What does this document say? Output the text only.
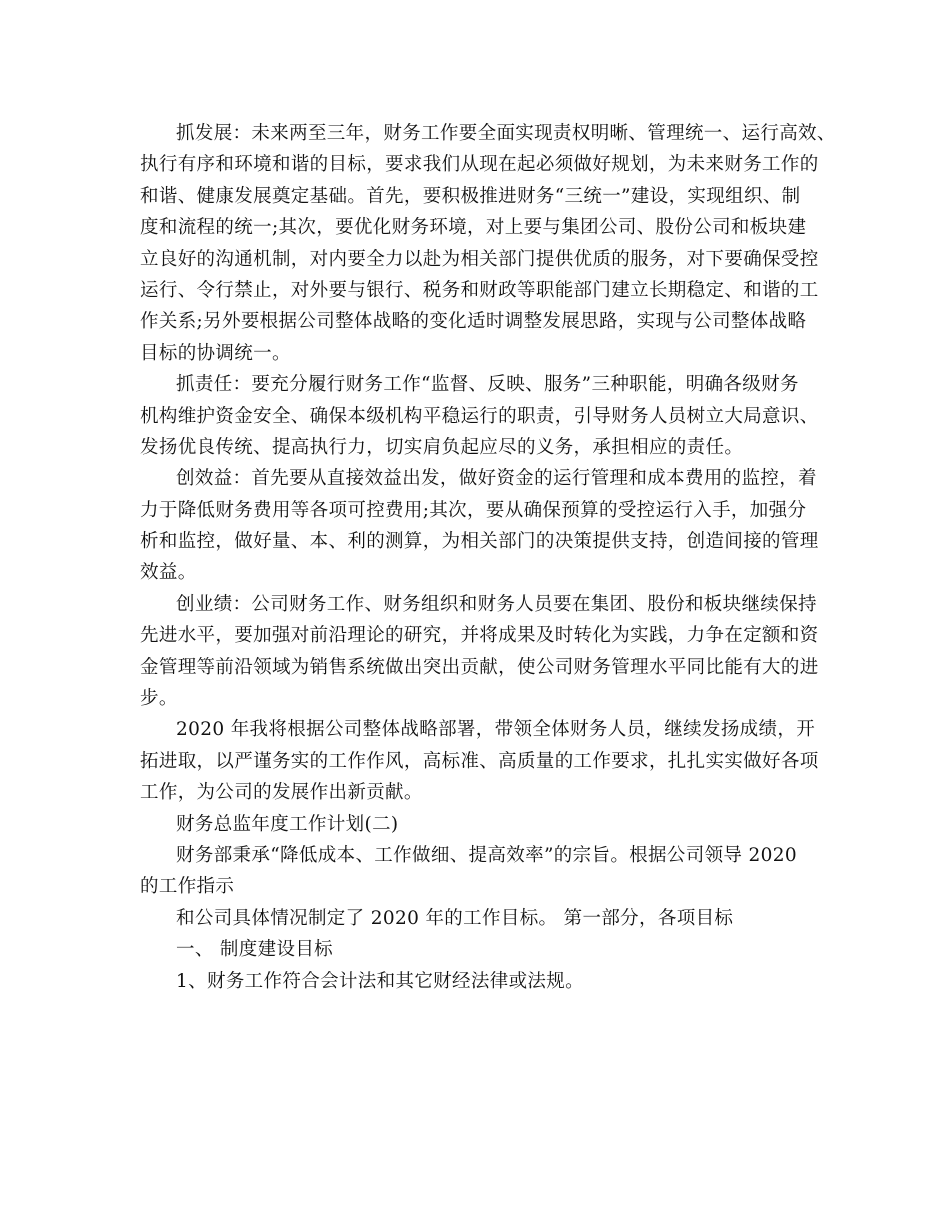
抓发展：未来两至三年，财务工作要全面实现责权明晰、管理统一、运行高效、
执行有序和环境和谐的目标，要求我们从现在起必须做好规划，为未来财务工作的
和谐、健康发展奠定基础。首先，要积极推进财务“三统一”建设，实现组织、制
度和流程的统一;其次，要优化财务环境，对上要与集团公司、股份公司和板块建
立良好的沟通机制，对内要全力以赴为相关部门提供优质的服务，对下要确保受控
运行、令行禁止，对外要与银行、税务和财政等职能部门建立长期稳定、和谐的工
作关系;另外要根据公司整体战略的变化适时调整发展思路，实现与公司整体战略
目标的协调统一。
抓责任：要充分履行财务工作“监督、反映、服务”三种职能，明确各级财务
机构维护资金安全、确保本级机构平稳运行的职责，引导财务人员树立大局意识、
发扬优良传统、提高执行力，切实肩负起应尽的义务，承担相应的责任。
创效益：首先要从直接效益出发，做好资金的运行管理和成本费用的监控，着
力于降低财务费用等各项可控费用;其次，要从确保预算的受控运行入手，加强分
析和监控，做好量、本、利的测算，为相关部门的决策提供支持，创造间接的管理
效益。
创业绩：公司财务工作、财务组织和财务人员要在集团、股份和板块继续保持
先进水平，要加强对前沿理论的研究，并将成果及时转化为实践，力争在定额和资
金管理等前沿领域为销售系统做出突出贡献，使公司财务管理水平同比能有大的进
步。
2020 年我将根据公司整体战略部署，带领全体财务人员，继续发扬成绩，开
拓进取，以严谨务实的工作作风，高标准、高质量的工作要求，扎扎实实做好各项
工作，为公司的发展作出新贡献。
财务总监年度工作计划(二)
财务部秉承“降低成本、工作做细、提高效率”的宗旨。根据公司领导 2020
的工作指示
和公司具体情况制定了 2020 年的工作目标。 第一部分，各项目标
一、 制度建设目标
1、财务工作符合会计法和其它财经法律或法规。
